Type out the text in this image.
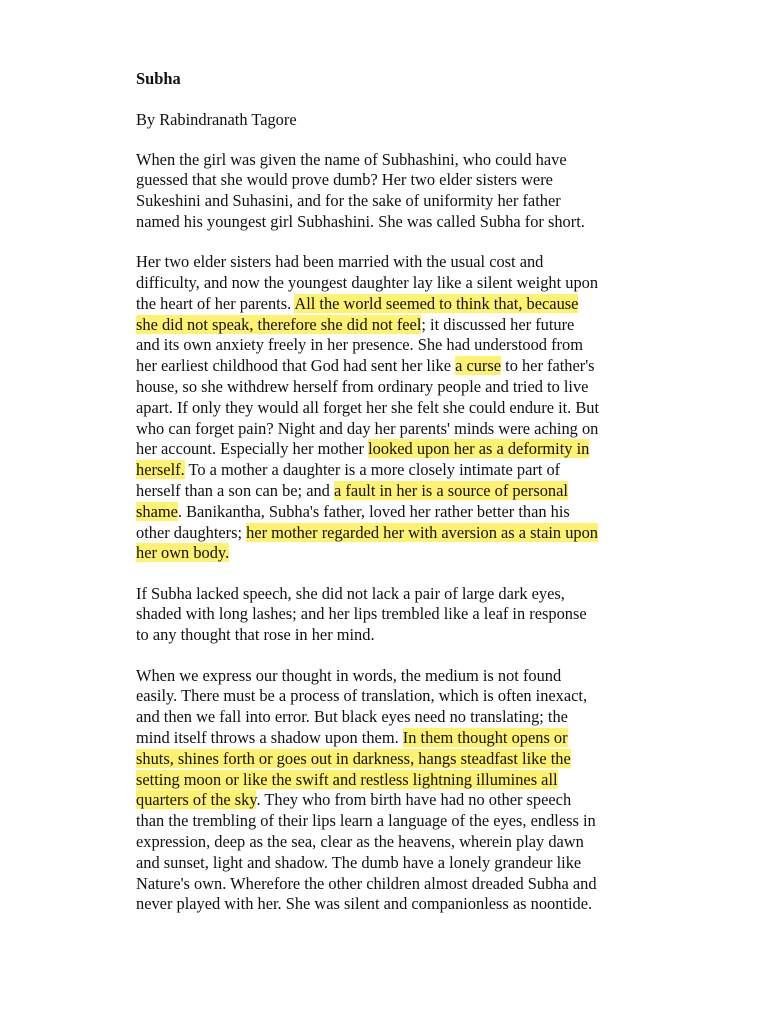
Subha
By Rabindranath Tagore
When the girl was given the name of Subhashini, who could have
guessed that she would prove dumb? Her two elder sisters were
Sukeshini and Suhasini, and for the sake of uniformity her father
named his youngest girl Subhashini. She was called Subha for short.
Her two elder sisters had been married with the usual cost and
difficulty, and now the youngest daughter lay like a silent weight upon
the heart of her parents. All the world seemed to think that, because
she did not speak, therefore she did not feel; it discussed her future
and its own anxiety freely in her presence. She had understood from
her earliest childhood that God had sent her like a curse to her father's
house, so she withdrew herself from ordinary people and tried to live
apart. If only they would all forget her she felt she could endure it. But
who can forget pain? Night and day her parents' minds were aching on
her account. Especially her mother looked upon her as a deformity in
herself. To a mother a daughter is a more closely intimate part of
herself than a son can be; and a fault in her is a source of personal
shame. Banikantha, Subha's father, loved her rather better than his
other daughters; her mother regarded her with aversion as a stain upon
her own body.
If Subha lacked speech, she did not lack a pair of large dark eyes,
shaded with long lashes; and her lips trembled like a leaf in response
to any thought that rose in her mind.
When we express our thought in words, the medium is not found
easily. There must be a process of translation, which is often inexact,
and then we fall into error. But black eyes need no translating; the
mind itself throws a shadow upon them. In them thought opens or
shuts, shines forth or goes out in darkness, hangs steadfast like the
setting moon or like the swift and restless lightning illumines all
quarters of the sky. They who from birth have had no other speech
than the trembling of their lips learn a language of the eyes, endless in
expression, deep as the sea, clear as the heavens, wherein play dawn
and sunset, light and shadow. The dumb have a lonely grandeur like
Nature's own. Wherefore the other children almost dreaded Subha and
never played with her. She was silent and companionless as noontide.
